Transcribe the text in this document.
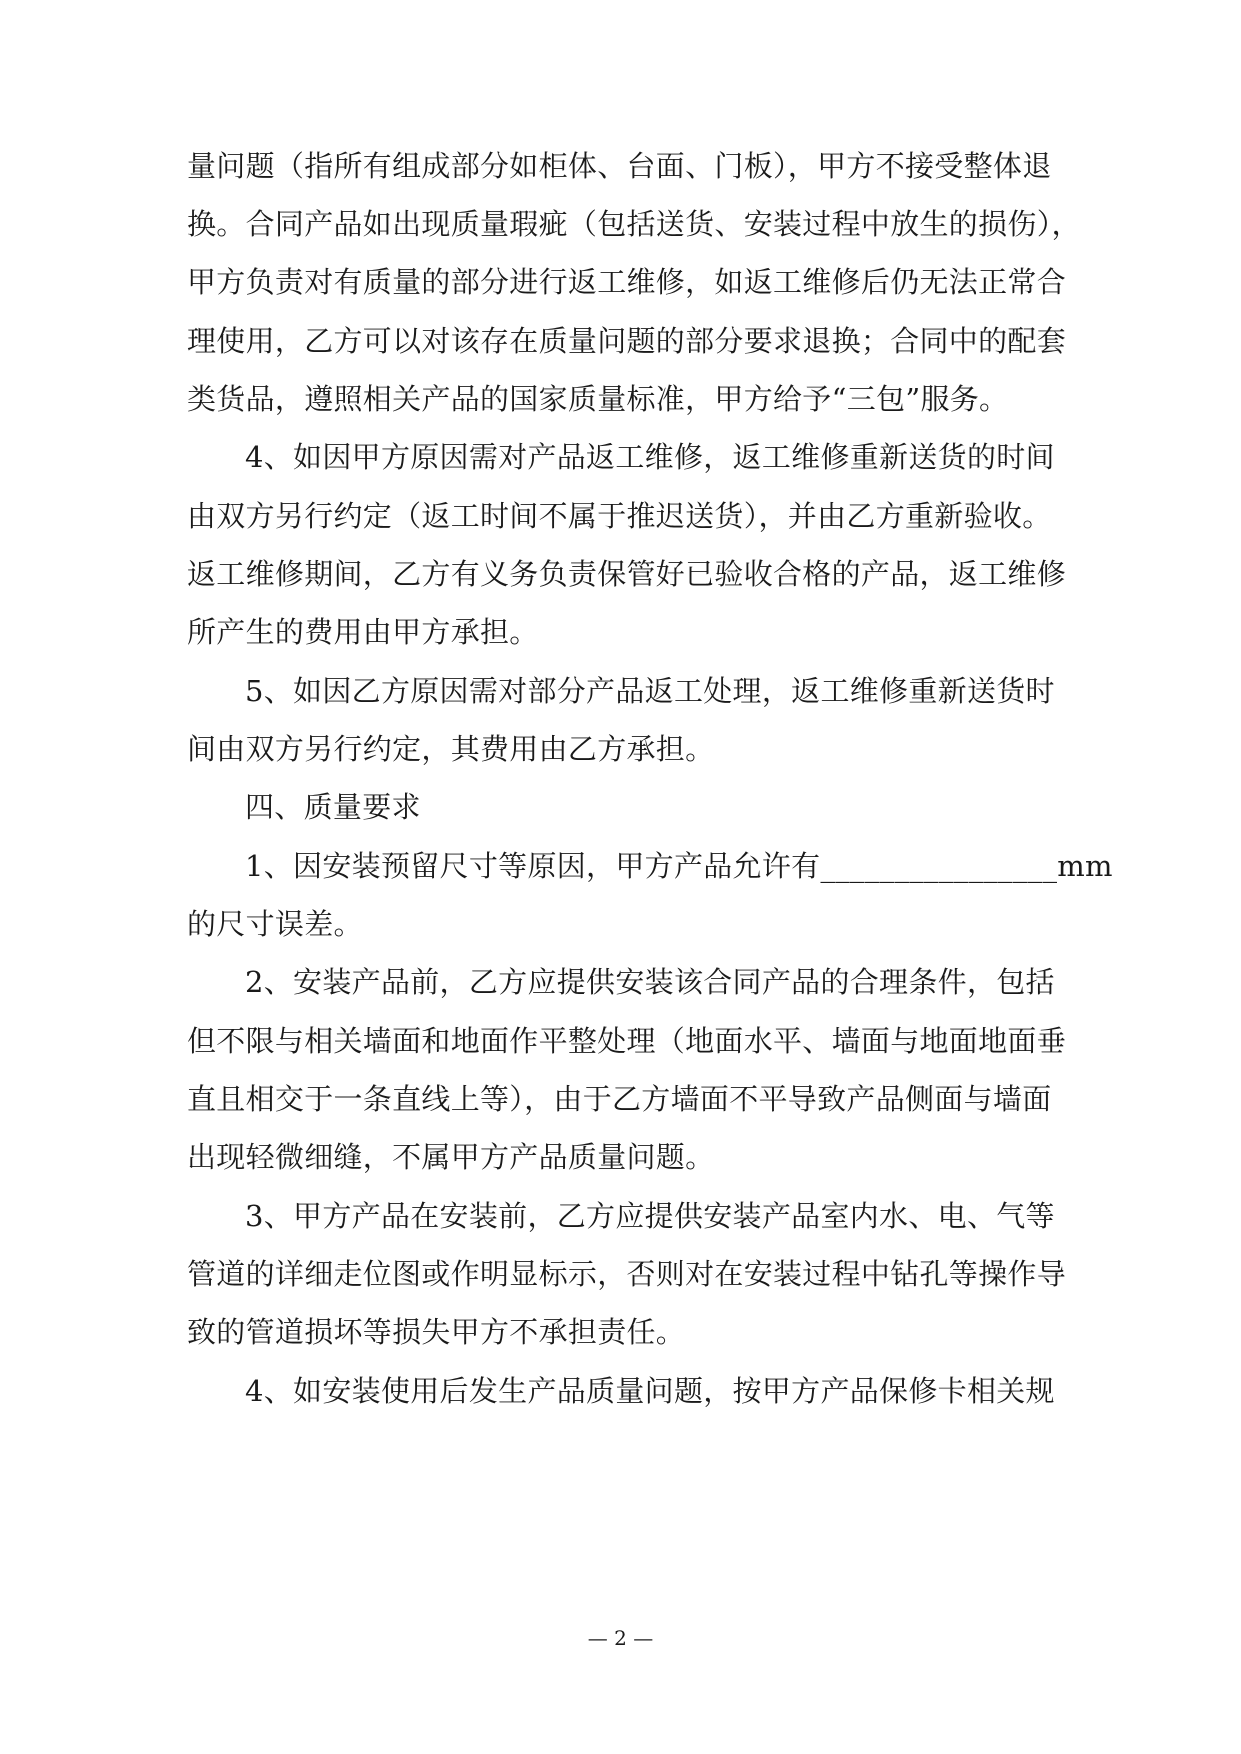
量问题（指所有组成部分如柜体、台面、门板），甲方不接受整体退
换。合同产品如出现质量瑕疵（包括送货、安装过程中放生的损伤），
甲方负责对有质量的部分进行返工维修，如返工维修后仍无法正常合
理使用，乙方可以对该存在质量问题的部分要求退换；合同中的配套
类货品，遵照相关产品的国家质量标准，甲方给予“三包”服务。
4、如因甲方原因需对产品返工维修，返工维修重新送货的时间
由双方另行约定（返工时间不属于推迟送货），并由乙方重新验收。
返工维修期间，乙方有义务负责保管好已验收合格的产品，返工维修
所产生的费用由甲方承担。
5、如因乙方原因需对部分产品返工处理，返工维修重新送货时
间由双方另行约定，其费用由乙方承担。
四、质量要求
1、因安装预留尺寸等原因，甲方产品允许有________________mm
的尺寸误差。
2、安装产品前，乙方应提供安装该合同产品的合理条件，包括
但不限与相关墙面和地面作平整处理（地面水平、墙面与地面地面垂
直且相交于一条直线上等），由于乙方墙面不平导致产品侧面与墙面
出现轻微细缝，不属甲方产品质量问题。
3、甲方产品在安装前，乙方应提供安装产品室内水、电、气等
管道的详细走位图或作明显标示，否则对在安装过程中钻孔等操作导
致的管道损坏等损失甲方不承担责任。
4、如安装使用后发生产品质量问题，按甲方产品保修卡相关规
— 2 —
